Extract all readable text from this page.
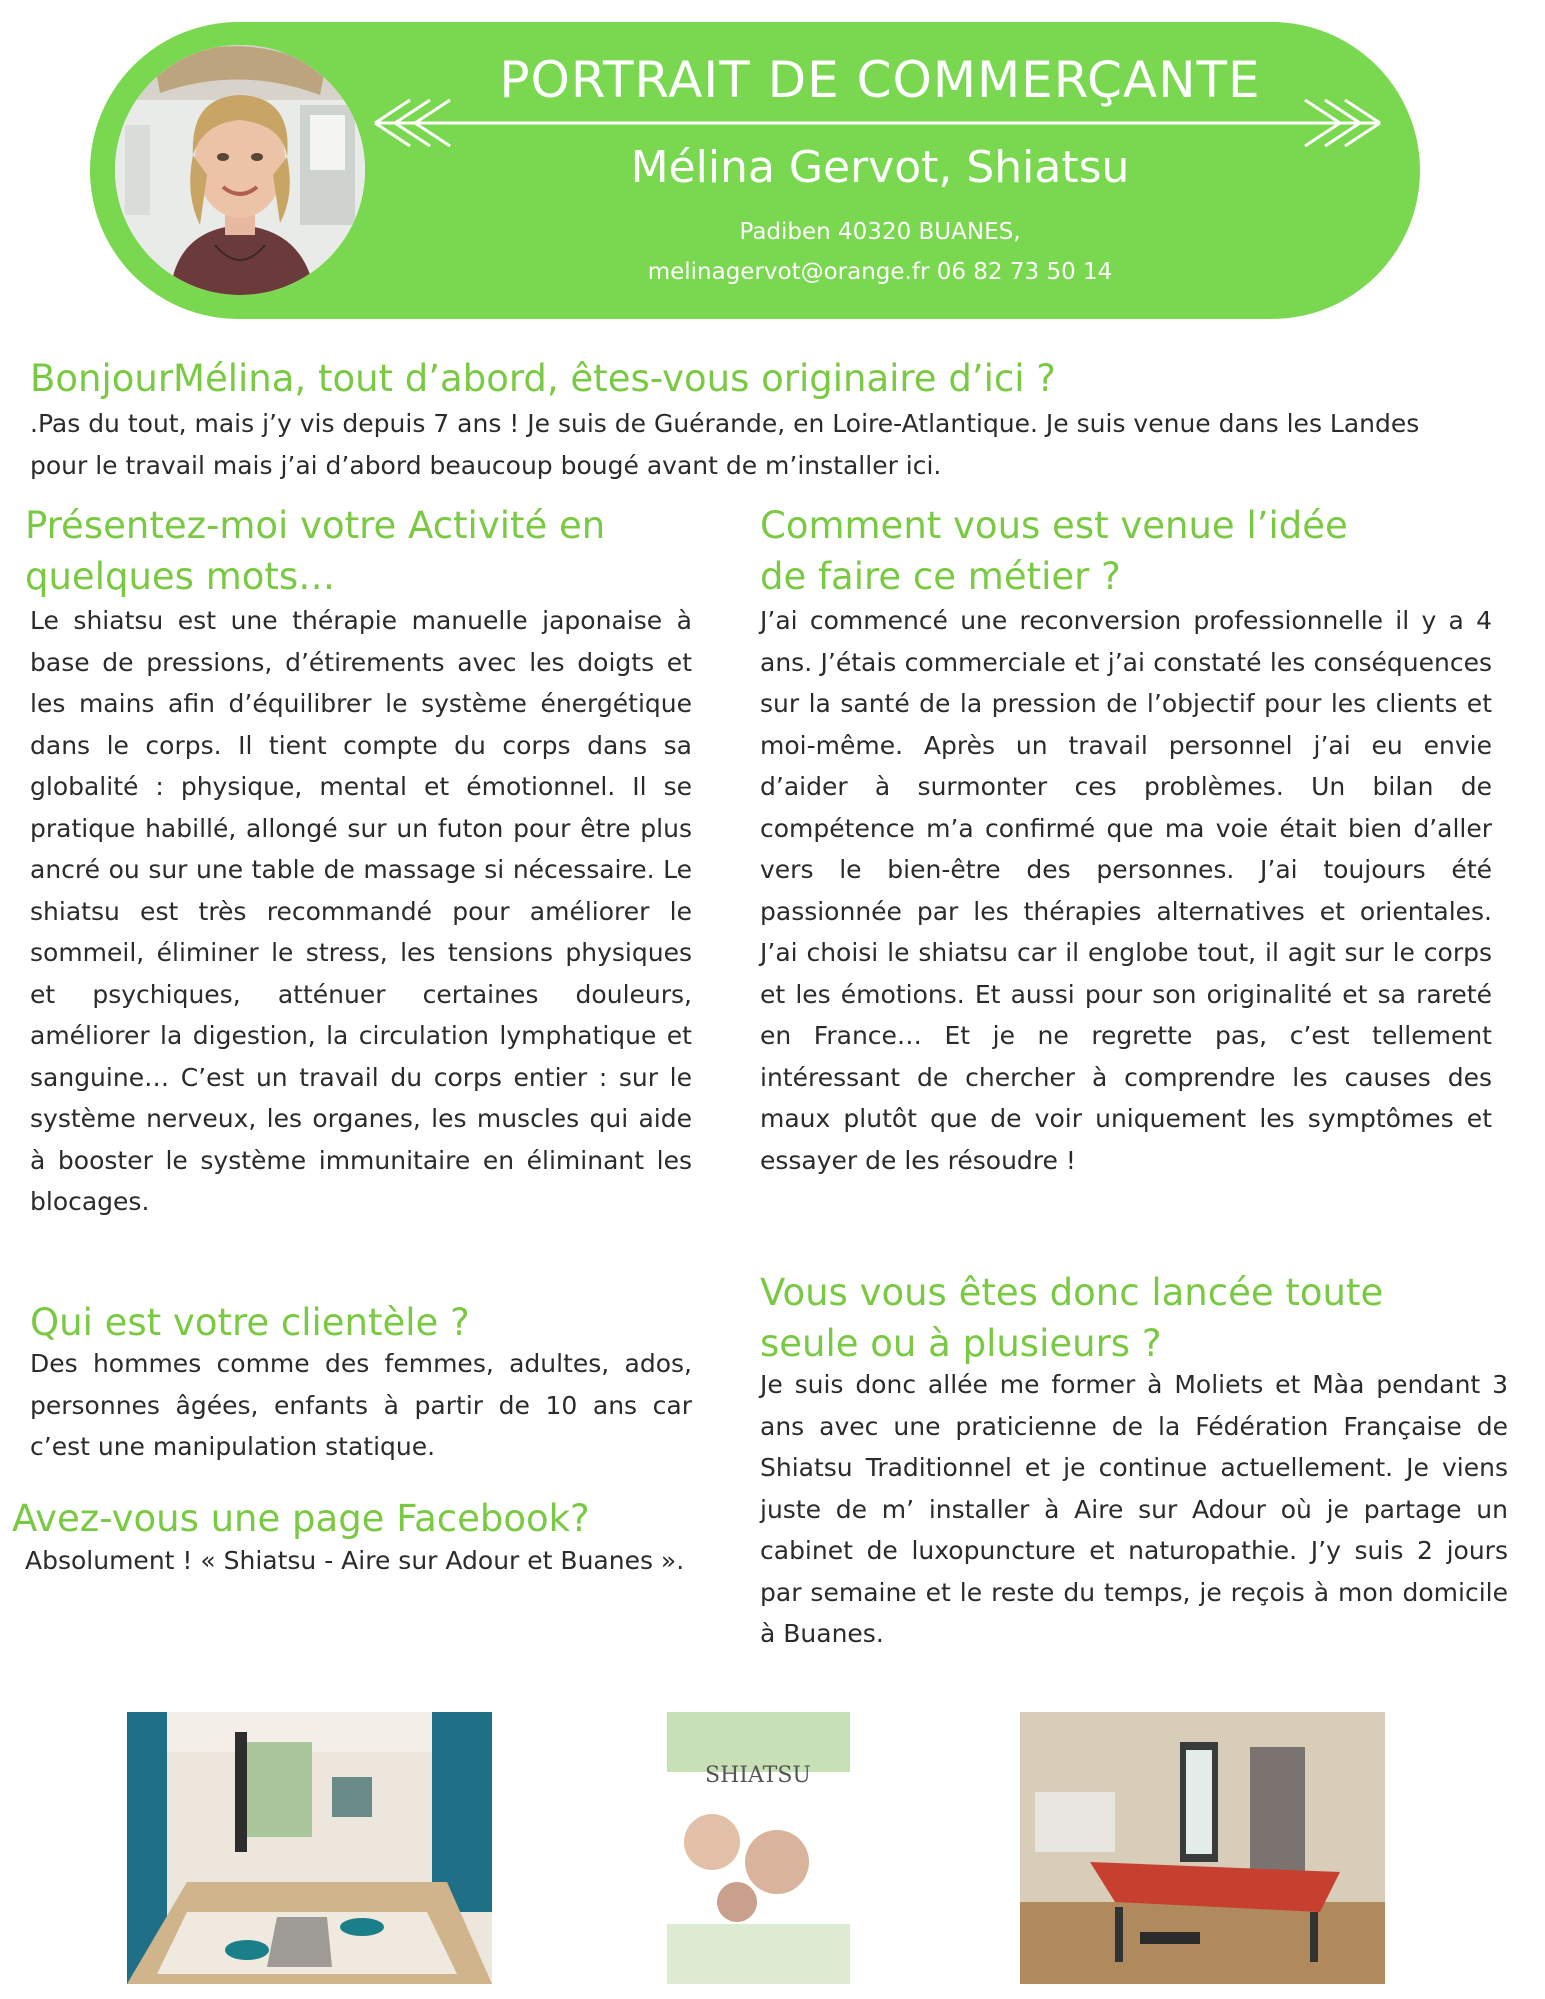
PORTRAIT DE COMMERÇANTE
Mélina Gervot, Shiatsu
Padiben 40320 BUANES,
melinagervot@orange.fr 06 82 73 50 14
BonjourMélina, tout d’abord, êtes-vous originaire d’ici ?

.Pas du tout, mais j’y vis depuis 7 ans ! Je suis de Guérande, en Loire-Atlantique. Je suis venue dans les Landes pour le travail mais j’ai d’abord beaucoup bougé avant de m’installer ici.

Présentez-moi votre Activité en quelques mots…

Le shiatsu est une thérapie manuelle japonaise à base de pressions, d’étirements avec les doigts et les mains afin d’équilibrer le système énergétique dans le corps. Il tient compte du corps dans sa globalité : physique, mental et émotionnel. Il se pratique habillé, allongé sur un futon pour être plus ancré ou sur une table de massage si nécessaire. Le shiatsu est très recommandé pour améliorer le sommeil, éliminer le stress, les tensions physiques et psychiques, atténuer certaines douleurs, améliorer la digestion, la circulation lymphatique et sanguine… C’est un travail du corps entier : sur le système nerveux, les organes, les muscles qui aide à booster le système immunitaire en éliminant les blocages.

Qui est votre clientèle ?

Des hommes comme des femmes, adultes, ados, personnes âgées, enfants à partir de 10 ans car c’est une manipulation statique.

Avez-vous une page Facebook?

Absolument ! « Shiatsu - Aire sur Adour et Buanes ».

Comment vous est venue l’idée de faire ce métier ?

J’ai commencé une reconversion professionnelle il y a 4 ans. J’étais commerciale et j’ai constaté les conséquences sur la santé de la pression de l’objectif pour les clients et moi-même. Après un travail personnel j’ai eu envie d’aider à surmonter ces problèmes. Un bilan de compétence m’a confirmé que ma voie était bien d’aller vers le bien-être des personnes. J’ai toujours été passionnée par les thérapies alternatives et orientales. J’ai choisi le shiatsu car il englobe tout, il agit sur le corps et les émotions. Et aussi pour son originalité et sa rareté en France… Et je ne regrette pas, c’est tellement intéressant de chercher à comprendre les causes des maux plutôt que de voir uniquement les symptômes et essayer de les résoudre !

Vous vous êtes donc lancée toute seule ou à plusieurs ?

Je suis donc allée me former à Moliets et Màa pendant 3 ans avec une praticienne de la Fédération Française de Shiatsu Traditionnel et je continue actuellement. Je viens juste de m’ installer à Aire sur Adour où je partage un cabinet de luxopuncture et naturopathie. J’y suis 2 jours par semaine et le reste du temps, je reçois à mon domicile à Buanes.

SHIATSU
